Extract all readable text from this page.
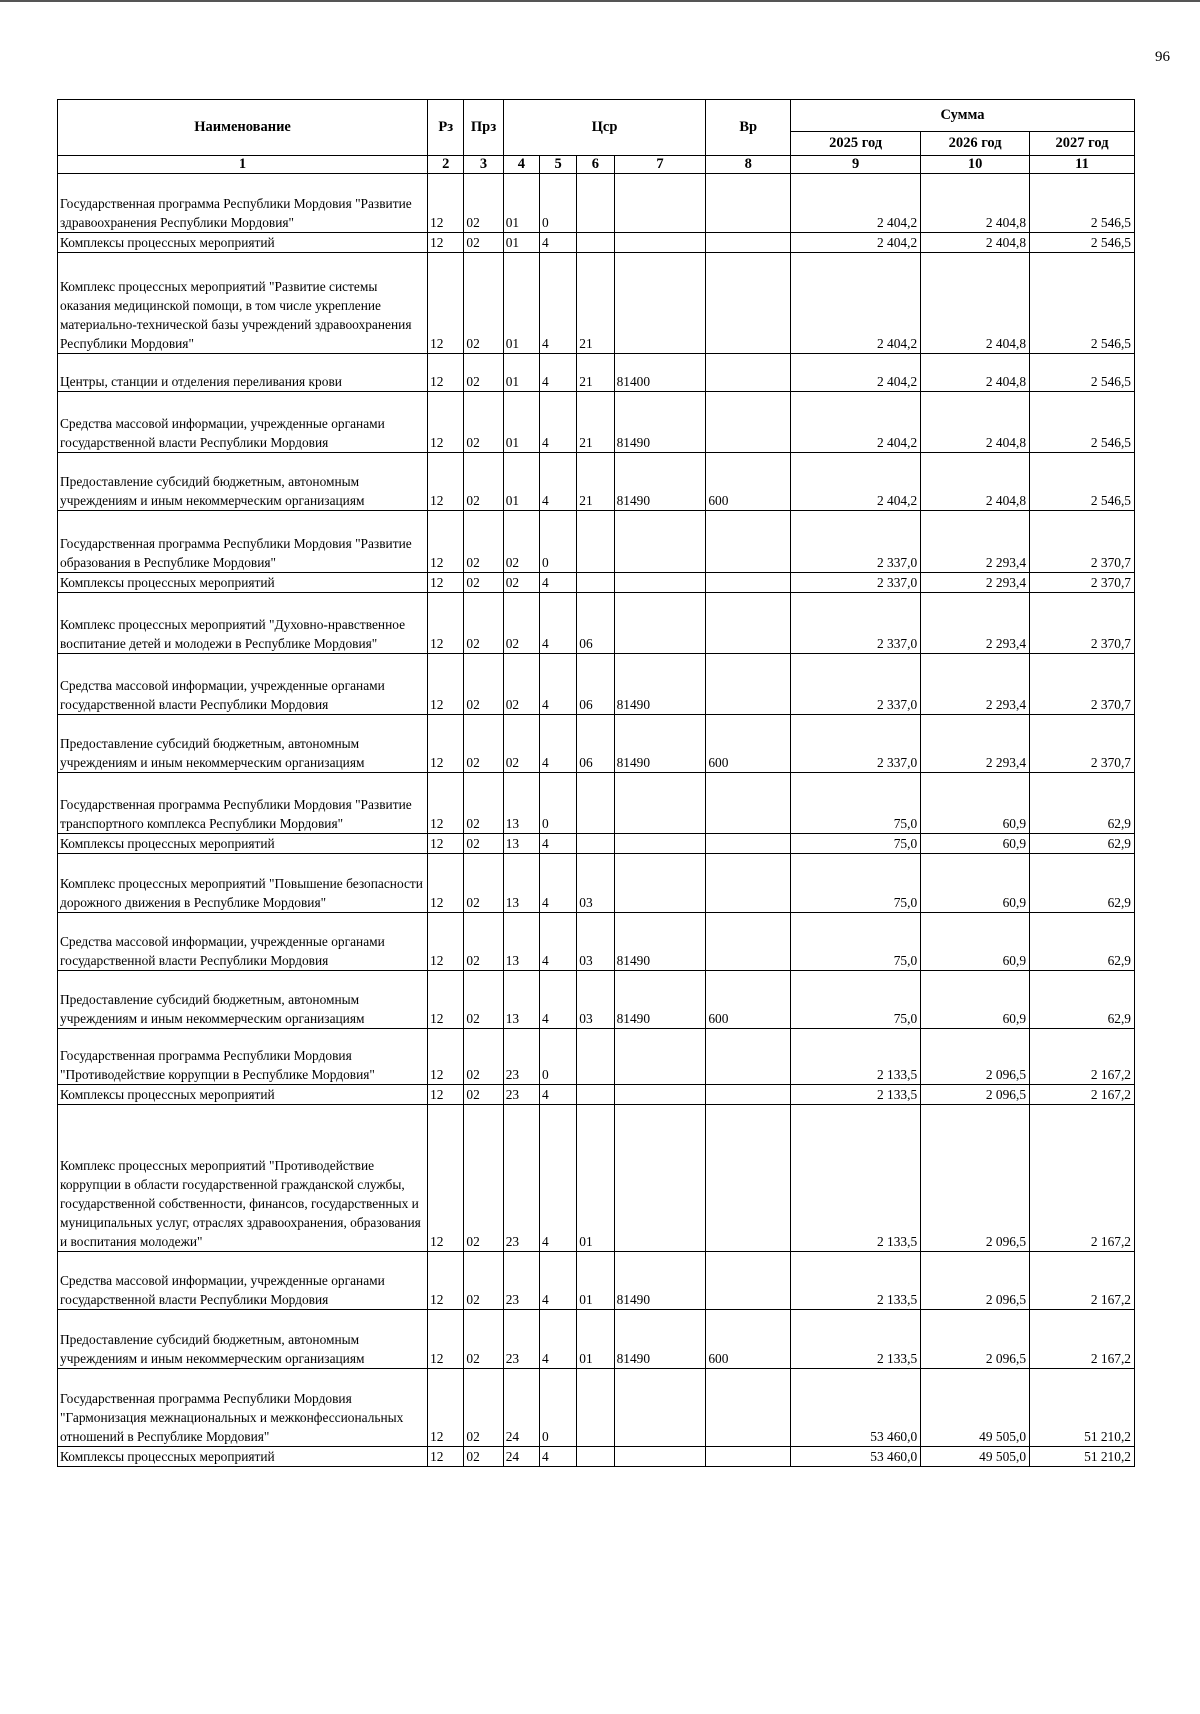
96
Наименование	Рз	Прз	Цср				Вр	Сумма		
								2025 год	2026 год	2027 год
1	2	3	4	5	6	7	8	9	10	11
Государственная программа Республики Мордовия "Развитие здравоохранения Республики Мордовия"	12	02	01	0				2 404,2	2 404,8	2 546,5
Комплексы процессных мероприятий	12	02	01	4				2 404,2	2 404,8	2 546,5
Комплекс процессных мероприятий "Развитие системы оказания медицинской помощи, в том числе укрепление материально-технической базы учреждений здравоохранения Республики Мордовия"	12	02	01	4	21			2 404,2	2 404,8	2 546,5
Центры, станции и отделения переливания крови	12	02	01	4	21	81400		2 404,2	2 404,8	2 546,5
Средства массовой информации, учрежденные органами государственной власти Республики Мордовия	12	02	01	4	21	81490		2 404,2	2 404,8	2 546,5
Предоставление субсидий бюджетным, автономным учреждениям и иным некоммерческим организациям	12	02	01	4	21	81490	600	2 404,2	2 404,8	2 546,5
Государственная программа Республики Мордовия "Развитие образования в Республике Мордовия"	12	02	02	0				2 337,0	2 293,4	2 370,7
Комплексы процессных мероприятий	12	02	02	4				2 337,0	2 293,4	2 370,7
Комплекс процессных мероприятий "Духовно-нравственное воспитание детей и молодежи в Республике Мордовия"	12	02	02	4	06			2 337,0	2 293,4	2 370,7
Средства массовой информации, учрежденные органами государственной власти Республики Мордовия	12	02	02	4	06	81490		2 337,0	2 293,4	2 370,7
Предоставление субсидий бюджетным, автономным учреждениям и иным некоммерческим организациям	12	02	02	4	06	81490	600	2 337,0	2 293,4	2 370,7
Государственная программа Республики Мордовия "Развитие транспортного комплекса Республики Мордовия"	12	02	13	0				75,0	60,9	62,9
Комплексы процессных мероприятий	12	02	13	4				75,0	60,9	62,9
Комплекс процессных мероприятий "Повышение безопасности дорожного движения в Республике Мордовия"	12	02	13	4	03			75,0	60,9	62,9
Средства массовой информации, учрежденные органами государственной власти Республики Мордовия	12	02	13	4	03	81490		75,0	60,9	62,9
Предоставление субсидий бюджетным, автономным учреждениям и иным некоммерческим организациям	12	02	13	4	03	81490	600	75,0	60,9	62,9
Государственная программа Республики Мордовия "Противодействие коррупции в Республике Мордовия"	12	02	23	0				2 133,5	2 096,5	2 167,2
Комплексы процессных мероприятий	12	02	23	4				2 133,5	2 096,5	2 167,2
Комплекс процессных мероприятий "Противодействие коррупции в области государственной гражданской службы, государственной собственности, финансов, государственных и муниципальных услуг, отраслях здравоохранения, образования и воспитания молодежи"	12	02	23	4	01			2 133,5	2 096,5	2 167,2
Средства массовой информации, учрежденные органами государственной власти Республики Мордовия	12	02	23	4	01	81490		2 133,5	2 096,5	2 167,2
Предоставление субсидий бюджетным, автономным учреждениям и иным некоммерческим организациям	12	02	23	4	01	81490	600	2 133,5	2 096,5	2 167,2
Государственная программа Республики Мордовия "Гармонизация межнациональных и межконфессиональных отношений в Республике Мордовия"	12	02	24	0				53 460,0	49 505,0	51 210,2
Комплексы процессных мероприятий	12	02	24	4				53 460,0	49 505,0	51 210,2
